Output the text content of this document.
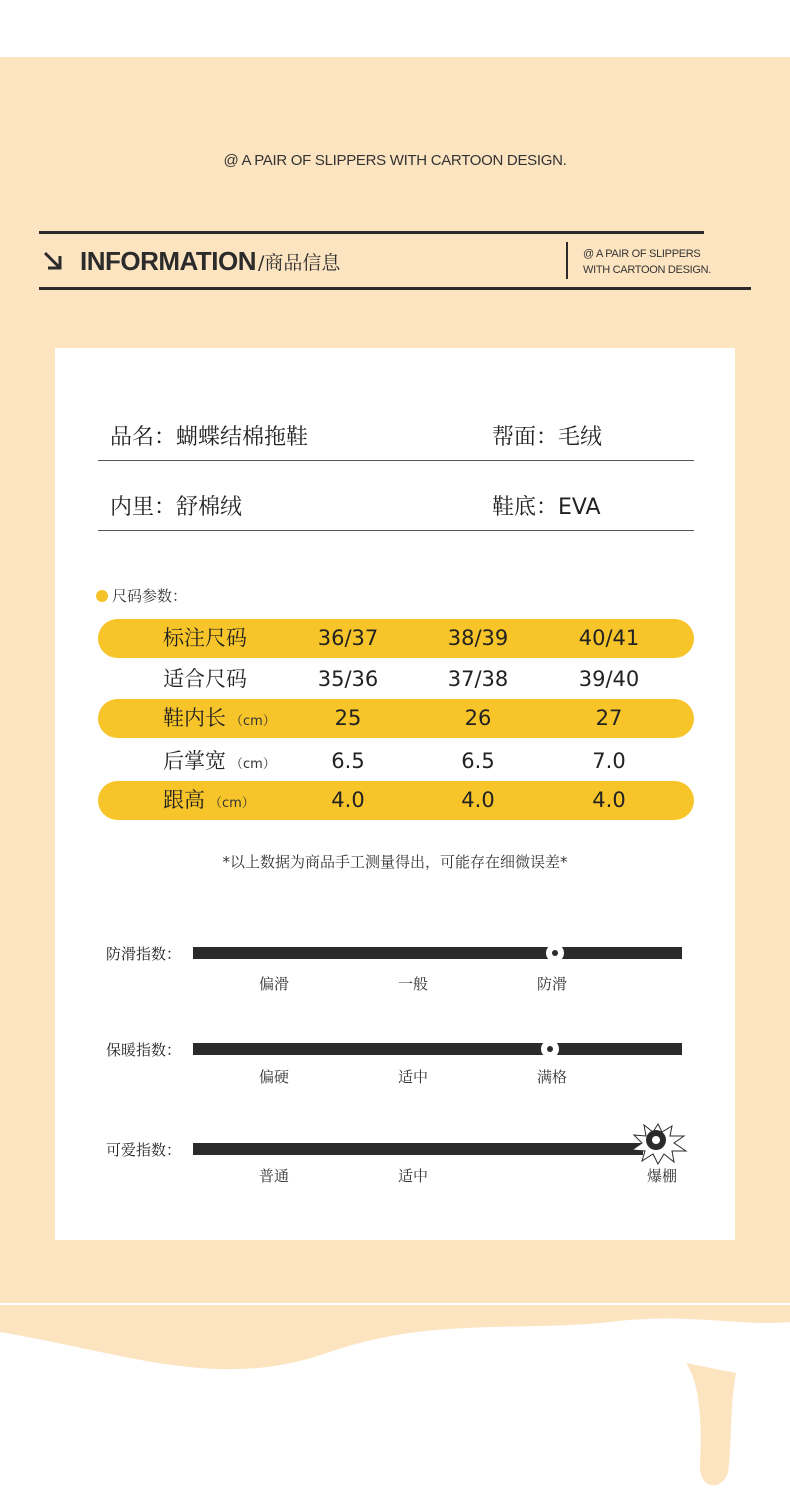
@ A PAIR OF SLIPPERS WITH CARTOON DESIGN.
INFORMATION /商品信息	@ A PAIR OF SLIPPERS
WITH CARTOON DESIGN.
品名：蝴蝶结棉拖鞋	帮面：毛绒
内里：舒棉绒	鞋底：EVA
尺码参数：
标注尺码	36/37	38/39	40/41
适合尺码	35/36	37/38	39/40
鞋内长 （cm）	25	26	27
后掌宽 （cm）	6.5	6.5	7.0
跟高 （cm）	4.0	4.0	4.0
*以上数据为商品手工测量得出，可能存在细微误差*
防滑指数：
偏滑	一般	防滑
保暖指数：
偏硬	适中	满格
可爱指数：
普通	适中	爆棚
